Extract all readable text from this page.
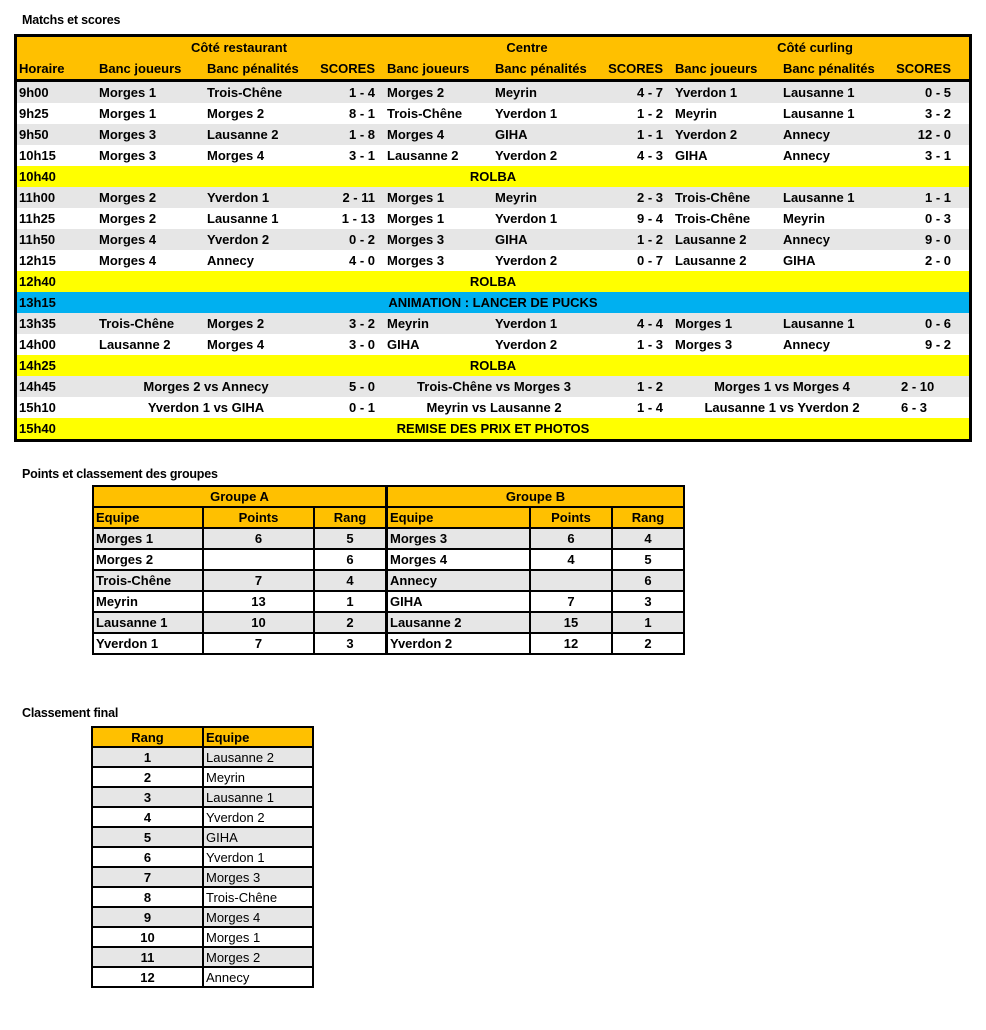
Matchs et scores
Points et classement des groupes
Classement final
Côté restaurant	Centre	Côté curling
Horaire	Banc joueurs	Banc pénalités	SCORES Banc joueurs	Banc pénalités	SCORES Banc joueurs	Banc pénalités	SCORES
9h00	Morges 1	Trois-Chêne	1 - 4 Morges 2	Meyrin	4 - 7 Yverdon 1	Lausanne 1	0 - 5
9h25	Morges 1	Morges 2	8 - 1 Trois-Chêne	Yverdon 1	1 - 2 Meyrin	Lausanne 1	3 - 2
9h50	Morges 3	Lausanne 2	1 - 8 Morges 4	GIHA	1 - 1 Yverdon 2	Annecy	12 - 0
10h15	Morges 3	Morges 4	3 - 1 Lausanne 2	Yverdon 2	4 - 3 GIHA	Annecy	3 - 1
10h40	ROLBA
11h00	Morges 2	Yverdon 1	2 - 11 Morges 1	Meyrin	2 - 3 Trois-Chêne	Lausanne 1	1 - 1
11h25	Morges 2	Lausanne 1	1 - 13 Morges 1	Yverdon 1	9 - 4 Trois-Chêne	Meyrin	0 - 3
11h50	Morges 4	Yverdon 2	0 - 2 Morges 3	GIHA	1 - 2 Lausanne 2	Annecy	9 - 0
12h15	Morges 4	Annecy	4 - 0 Morges 3	Yverdon 2	0 - 7 Lausanne 2	GIHA	2 - 0
12h40	ROLBA
13h15	ANIMATION : LANCER DE PUCKS
13h35	Trois-Chêne	Morges 2	3 - 2 Meyrin	Yverdon 1	4 - 4 Morges 1	Lausanne 1	0 - 6
14h00	Lausanne 2	Morges 4	3 - 0 GIHA	Yverdon 2	1 - 3 Morges 3	Annecy	9 - 2
14h25	ROLBA
14h45	Morges 2 vs Annecy	5 - 0	Trois-Chêne vs Morges 3	1 - 2	Morges 1 vs Morges 4	2 - 10
15h10	Yverdon 1 vs GIHA	0 - 1	Meyrin vs Lausanne 2	1 - 4	Lausanne 1 vs Yverdon 2	6 - 3
15h40	REMISE DES PRIX ET PHOTOS
Groupe A			Groupe B		
Equipe	Points	Rang	Equipe	Points	Rang
Morges 1	6	5	Morges 3	6	4
Morges 2		6	Morges 4	4	5
Trois-Chêne	7	4	Annecy		6
Meyrin	13	1	GIHA	7	3
Lausanne 1	10	2	Lausanne 2	15	1
Yverdon 1	7	3	Yverdon 2	12	2
Rang	Equipe
1	Lausanne 2
2	Meyrin
3	Lausanne 1
4	Yverdon 2
5	GIHA
6	Yverdon 1
7	Morges 3
8	Trois-Chêne
9	Morges 4
10	Morges 1
11	Morges 2
12	Annecy
